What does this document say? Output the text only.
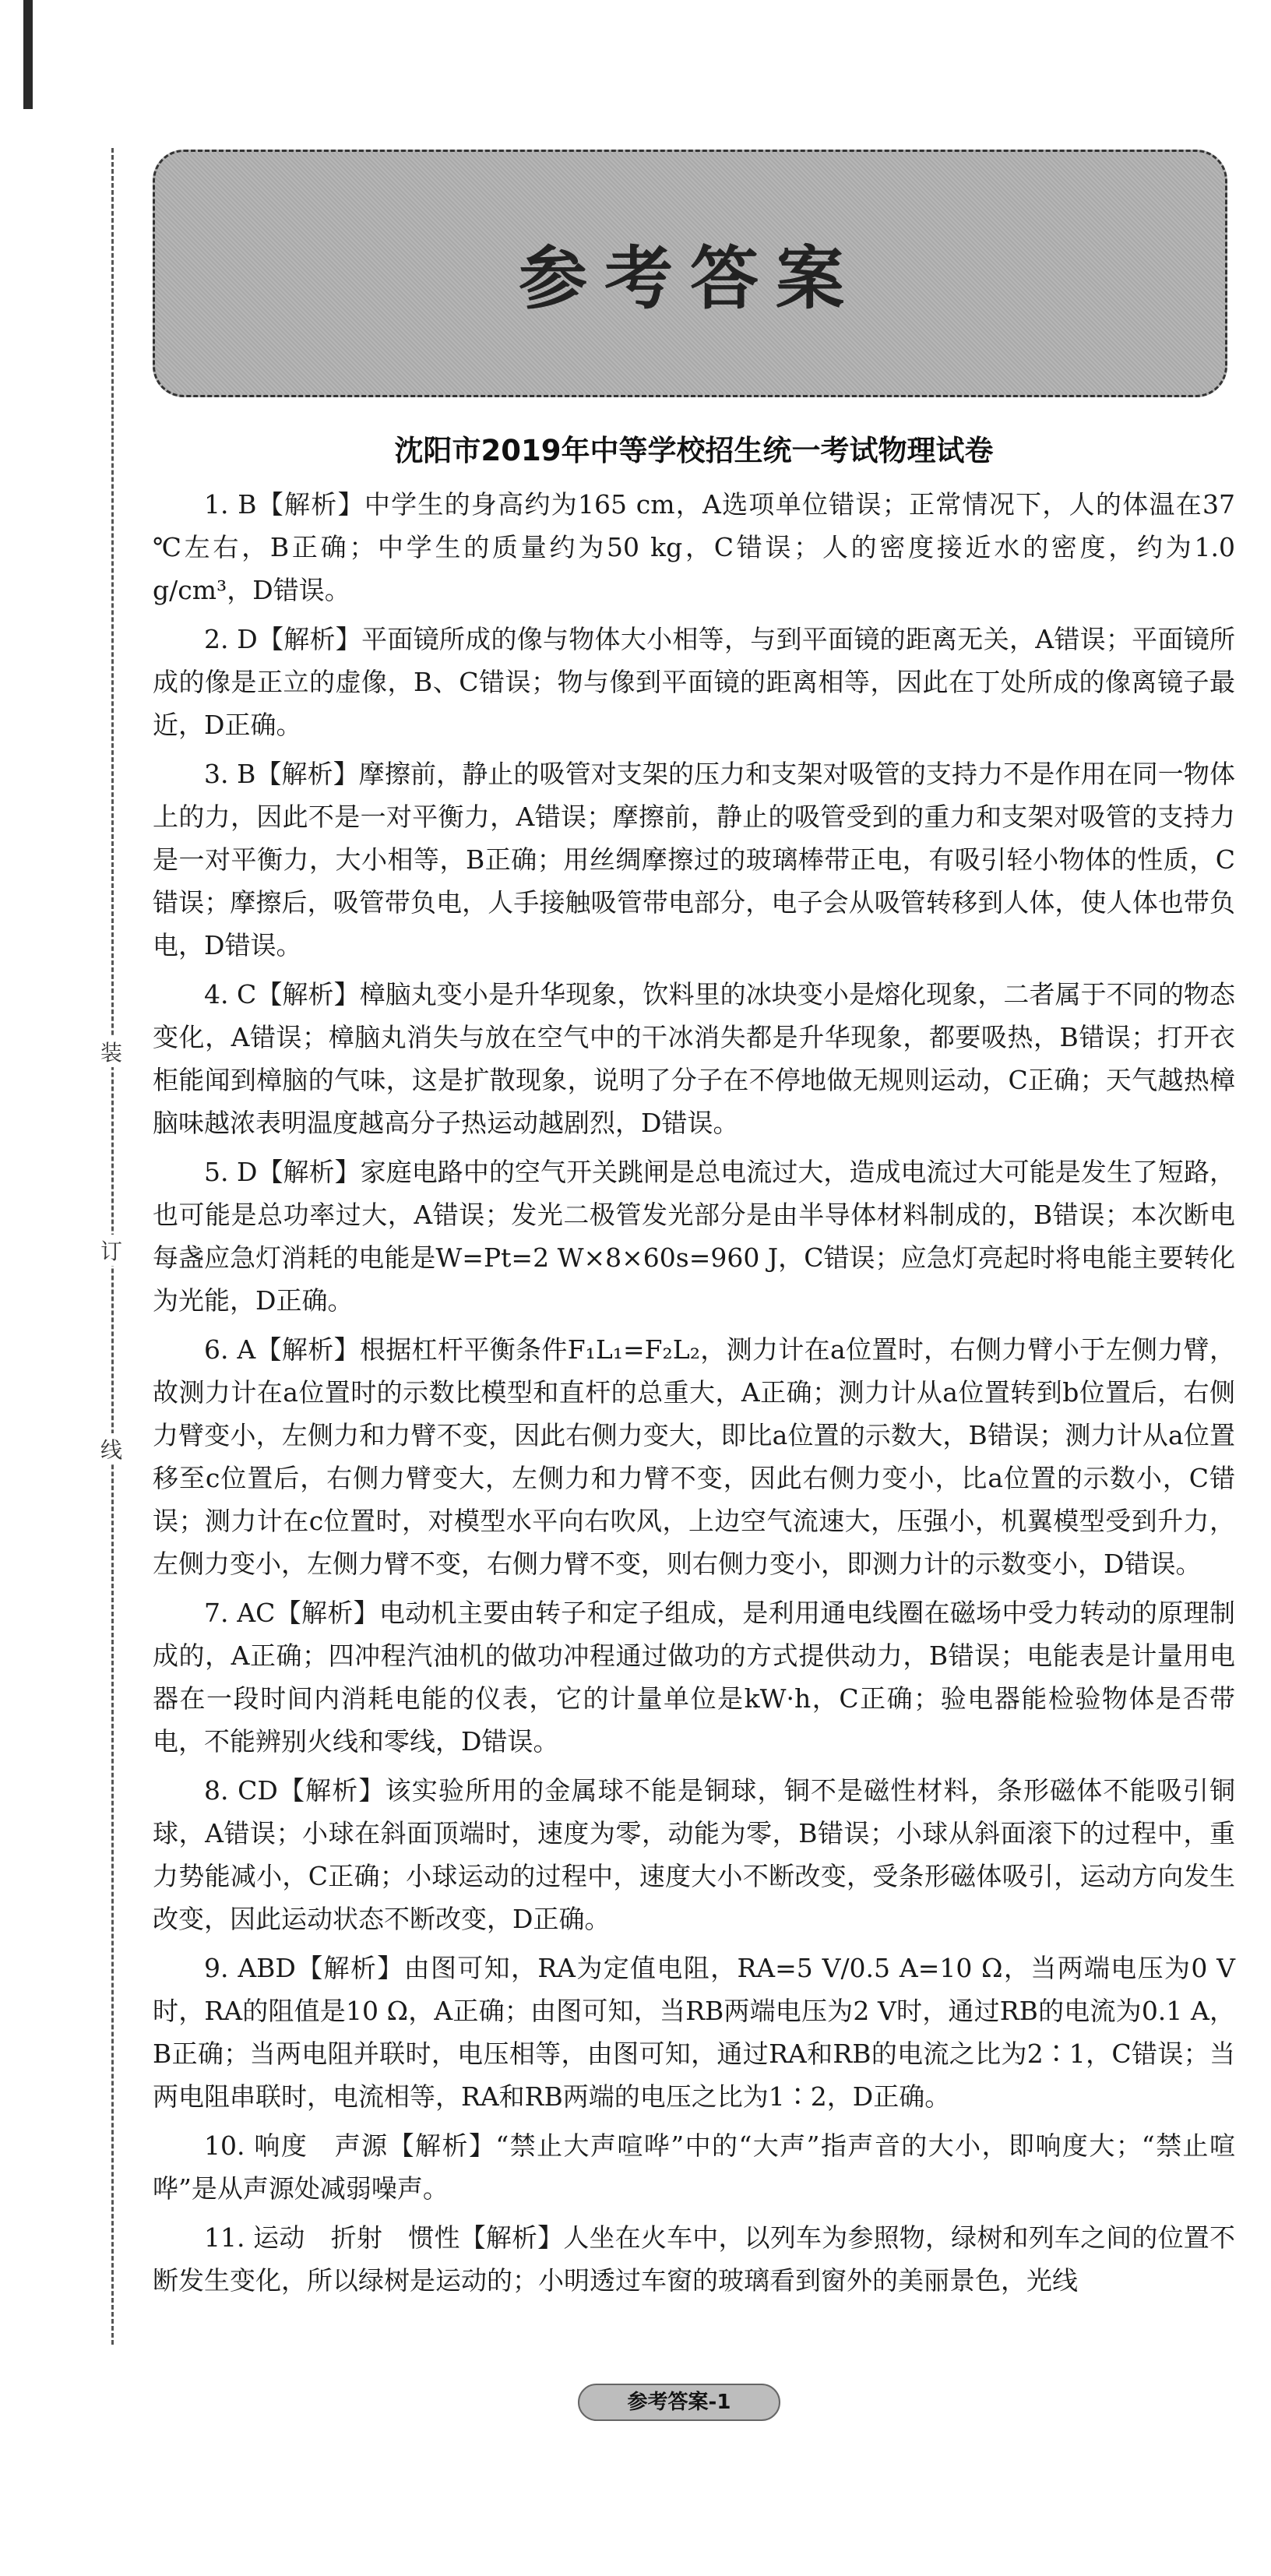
装
订
线
参考答案
沈阳市2019年中等学校招生统一考试物理试卷

1. B【解析】中学生的身高约为165 cm，A选项单位错误；正常情况下，人的体温在37 ℃左右，B正确；中学生的质量约为50 kg，C错误；人的密度接近水的密度，约为1.0 g/cm³，D错误。

2. D【解析】平面镜所成的像与物体大小相等，与到平面镜的距离无关，A错误；平面镜所成的像是正立的虚像，B、C错误；物与像到平面镜的距离相等，因此在丁处所成的像离镜子最近，D正确。

3. B【解析】摩擦前，静止的吸管对支架的压力和支架对吸管的支持力不是作用在同一物体上的力，因此不是一对平衡力，A错误；摩擦前，静止的吸管受到的重力和支架对吸管的支持力是一对平衡力，大小相等，B正确；用丝绸摩擦过的玻璃棒带正电，有吸引轻小物体的性质，C错误；摩擦后，吸管带负电，人手接触吸管带电部分，电子会从吸管转移到人体，使人体也带负电，D错误。

4. C【解析】樟脑丸变小是升华现象，饮料里的冰块变小是熔化现象，二者属于不同的物态变化，A错误；樟脑丸消失与放在空气中的干冰消失都是升华现象，都要吸热，B错误；打开衣柜能闻到樟脑的气味，这是扩散现象，说明了分子在不停地做无规则运动，C正确；天气越热樟脑味越浓表明温度越高分子热运动越剧烈，D错误。

5. D【解析】家庭电路中的空气开关跳闸是总电流过大，造成电流过大可能是发生了短路，也可能是总功率过大，A错误；发光二极管发光部分是由半导体材料制成的，B错误；本次断电每盏应急灯消耗的电能是W=Pt=2 W×8×60s=960 J，C错误；应急灯亮起时将电能主要转化为光能，D正确。

6. A【解析】根据杠杆平衡条件F₁L₁=F₂L₂，测力计在a位置时，右侧力臂小于左侧力臂，故测力计在a位置时的示数比模型和直杆的总重大，A正确；测力计从a位置转到b位置后，右侧力臂变小，左侧力和力臂不变，因此右侧力变大，即比a位置的示数大，B错误；测力计从a位置移至c位置后，右侧力臂变大，左侧力和力臂不变，因此右侧力变小，比a位置的示数小，C错误；测力计在c位置时，对模型水平向右吹风，上边空气流速大，压强小，机翼模型受到升力，左侧力变小，左侧力臂不变，右侧力臂不变，则右侧力变小，即测力计的示数变小，D错误。

7. AC【解析】电动机主要由转子和定子组成，是利用通电线圈在磁场中受力转动的原理制成的，A正确；四冲程汽油机的做功冲程通过做功的方式提供动力，B错误；电能表是计量用电器在一段时间内消耗电能的仪表，它的计量单位是kW·h，C正确；验电器能检验物体是否带电，不能辨别火线和零线，D错误。

8. CD【解析】该实验所用的金属球不能是铜球，铜不是磁性材料，条形磁体不能吸引铜球，A错误；小球在斜面顶端时，速度为零，动能为零，B错误；小球从斜面滚下的过程中，重力势能减小，C正确；小球运动的过程中，速度大小不断改变，受条形磁体吸引，运动方向发生改变，因此运动状态不断改变，D正确。

9. ABD【解析】由图可知，RA为定值电阻，RA=5 V/0.5 A=10 Ω，当两端电压为0 V时，RA的阻值是10 Ω，A正确；由图可知，当RB两端电压为2 V时，通过RB的电流为0.1 A，B正确；当两电阻并联时，电压相等，由图可知，通过RA和RB的电流之比为2∶1，C错误；当两电阻串联时，电流相等，RA和RB两端的电压之比为1∶2，D正确。

10. 响度　声源【解析】“禁止大声喧哗”中的“大声”指声音的大小，即响度大；“禁止喧哗”是从声源处减弱噪声。

11. 运动　折射　惯性【解析】人坐在火车中，以列车为参照物，绿树和列车之间的位置不断发生变化，所以绿树是运动的；小明透过车窗的玻璃看到窗外的美丽景色，光线

参考答案-1
